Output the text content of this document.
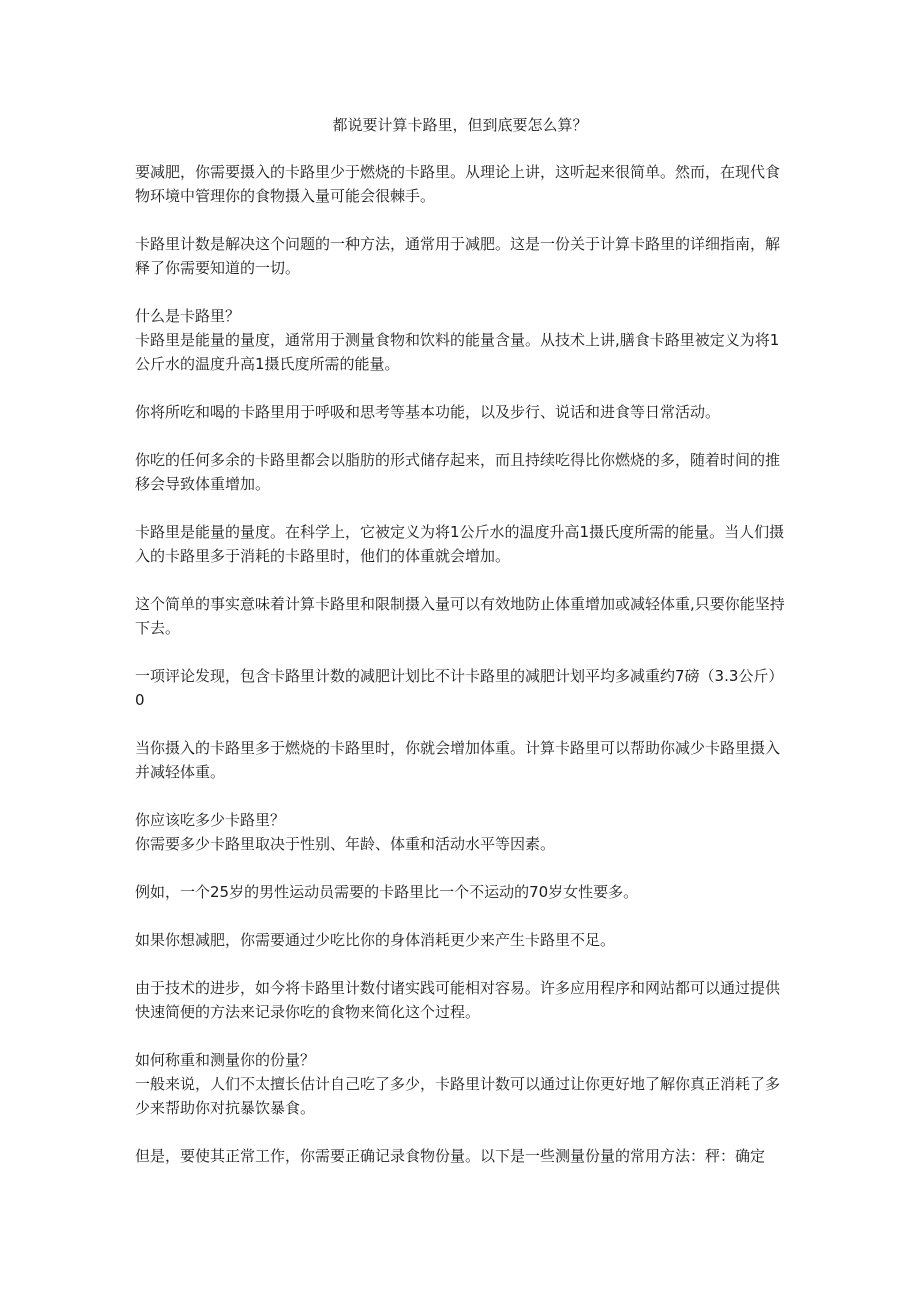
都说要计算卡路里，但到底要怎么算？

要减肥，你需要摄入的卡路里少于燃烧的卡路里。从理论上讲，这听起来很简单。然而，在现代食物环境中管理你的食物摄入量可能会很棘手。

卡路里计数是解决这个问题的一种方法，通常用于减肥。这是一份关于计算卡路里的详细指南，解释了你需要知道的一切。

什么是卡路里？

卡路里是能量的量度，通常用于测量食物和饮料的能量含量。从技术上讲,膳食卡路里被定义为将1公斤水的温度升高1摄氏度所需的能量。

你将所吃和喝的卡路里用于呼吸和思考等基本功能，以及步行、说话和进食等日常活动。

你吃的任何多余的卡路里都会以脂肪的形式储存起来，而且持续吃得比你燃烧的多，随着时间的推移会导致体重增加。

卡路里是能量的量度。在科学上，它被定义为将1公斤水的温度升高1摄氏度所需的能量。当人们摄入的卡路里多于消耗的卡路里时，他们的体重就会增加。

这个简单的事实意味着计算卡路里和限制摄入量可以有效地防止体重增加或减轻体重,只要你能坚持下去。

一项评论发现，包含卡路里计数的减肥计划比不计卡路里的减肥计划平均多减重约7磅（3.3公斤）0

当你摄入的卡路里多于燃烧的卡路里时，你就会增加体重。计算卡路里可以帮助你减少卡路里摄入并减轻体重。

你应该吃多少卡路里？

你需要多少卡路里取决于性别、年龄、体重和活动水平等因素。

例如，一个25岁的男性运动员需要的卡路里比一个不运动的70岁女性要多。

如果你想减肥，你需要通过少吃比你的身体消耗更少来产生卡路里不足。

由于技术的进步，如今将卡路里计数付诸实践可能相对容易。许多应用程序和网站都可以通过提供快速简便的方法来记录你吃的食物来简化这个过程。

如何称重和测量你的份量？

一般来说，人们不太擅长估计自己吃了多少，卡路里计数可以通过让你更好地了解你真正消耗了多少来帮助你对抗暴饮暴食。

但是，要使其正常工作，你需要正确记录食物份量。以下是一些测量份量的常用方法：秤：确定
